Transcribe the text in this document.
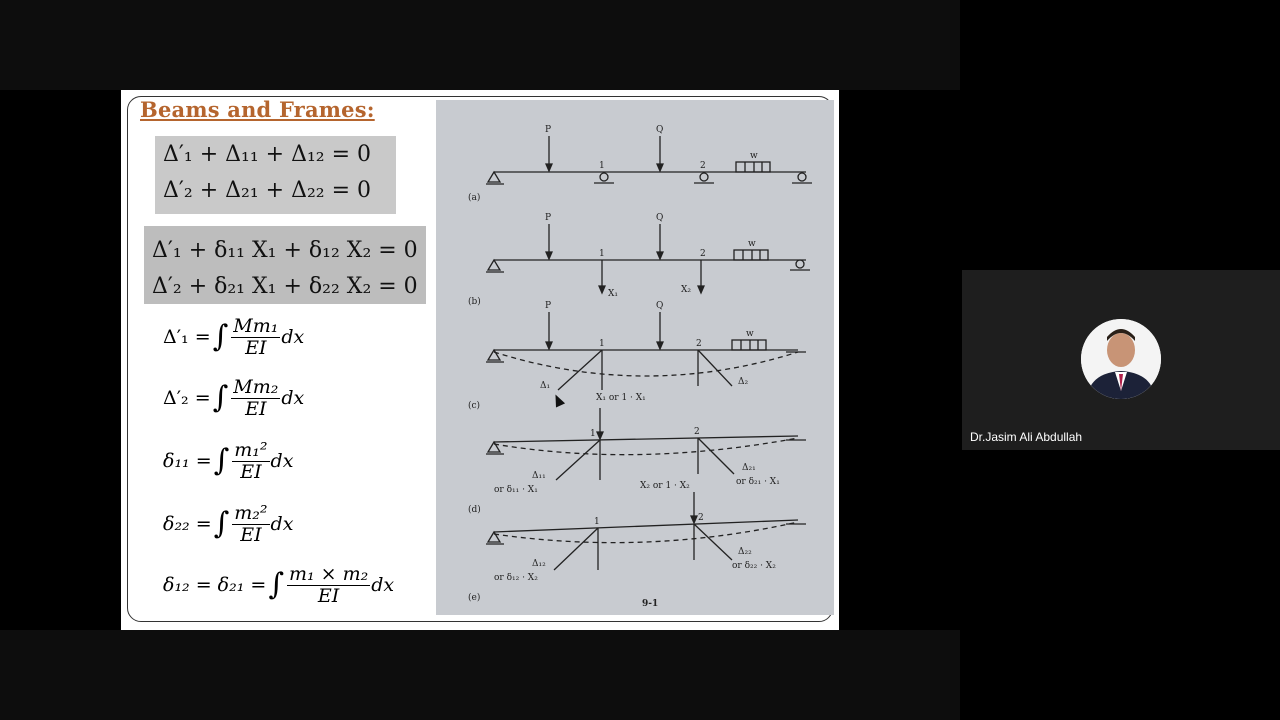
Beams and Frames:
Δ′₁ + Δ₁₁ + Δ₁₂ = 0
Δ′₂ + Δ₂₁ + Δ₂₂ = 0
Δ′₁ + δ₁₁ X₁ + δ₁₂ X₂ = 0
Δ′₂ + δ₂₁ X₁ + δ₂₂ X₂ = 0
Δ′₁ = ∫ $\frac{\text{Mm₁}}{EI}$ dx
Δ′₂ = ∫ $\frac{\text{Mm₂}}{EI}$ dx
δ₁₁ = ∫ $\frac{\text{m₁²}}{EI}$ dx
δ₂₂ = ∫ $\frac{\text{m₂²}}{EI}$ dx
δ₁₂ = δ₂₁ = ∫ $\frac{\text{m₁ × m₂}}{EI}$ dx
P	Q
w
1	2
(a)
P	Q
w
1	2
X₁	X₂
(b)	P	Q
w
1	2
Δ₁	Δ₂
X₁ or 1 · X₁
(c)
1	2
Δ₁₁
or δ₁₁ · X₁
Δ₂₁
or δ₂₁ · X₁
X₂ or 1 · X₂
(d)
1	2
Δ₁₂
or δ₁₂ · X₂
Δ₂₂
or δ₂₂ · X₂
(e)
9-1
Dr.Jasim Ali Abdullah
